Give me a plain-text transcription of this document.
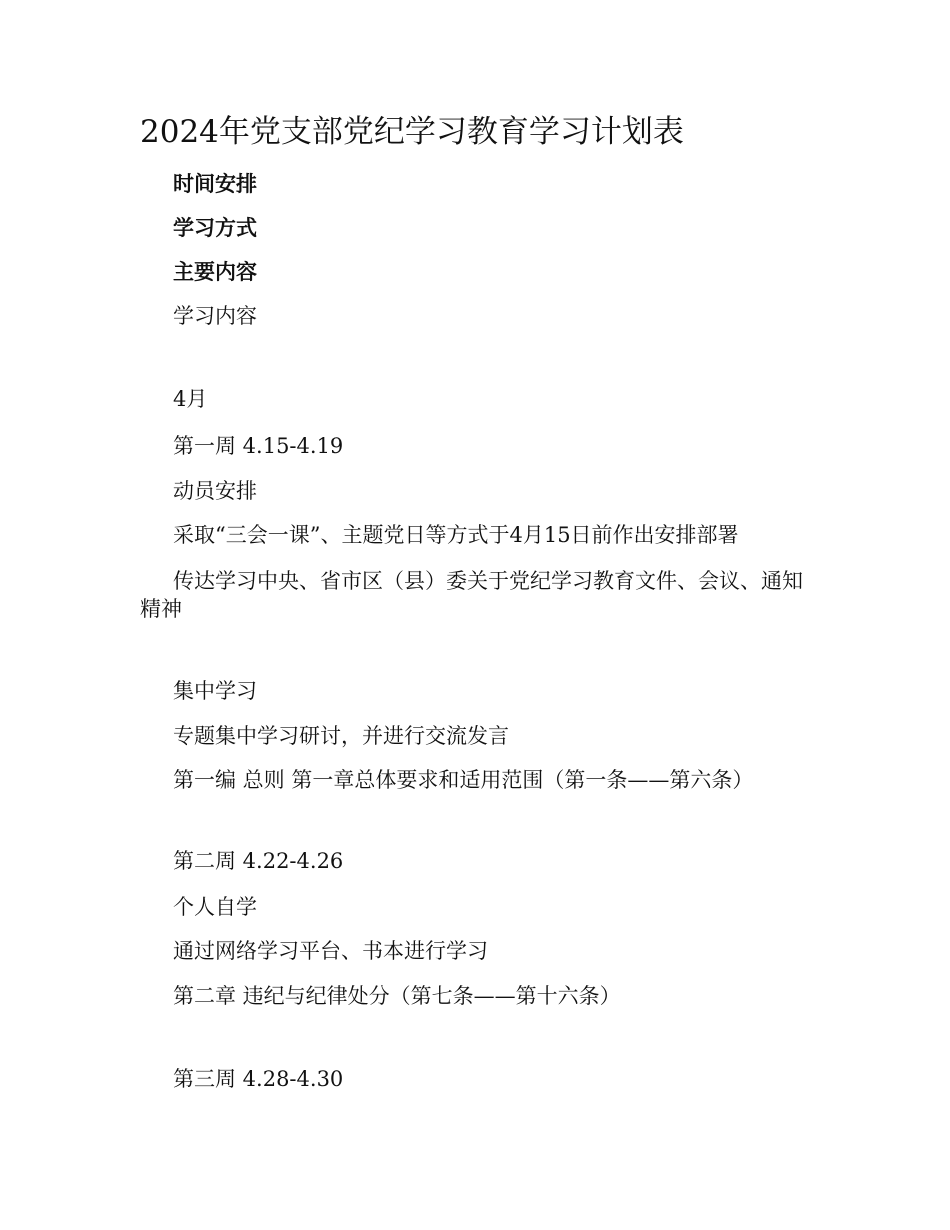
2024年党支部党纪学习教育学习计划表

时间安排

学习方式

主要内容

学习内容

4月

第一周 4.15-4.19

动员安排

采取“三会一课”、主题党日等方式于4月15日前作出安排部署

传达学习中央、省市区（县）委关于党纪学习教育文件、会议、通知精神

集中学习

专题集中学习研讨，并进行交流发言

第一编 总则 第一章总体要求和适用范围（第一条——第六条）

第二周 4.22-4.26

个人自学

通过网络学习平台、书本进行学习

第二章 违纪与纪律处分（第七条——第十六条）

第三周 4.28-4.30
